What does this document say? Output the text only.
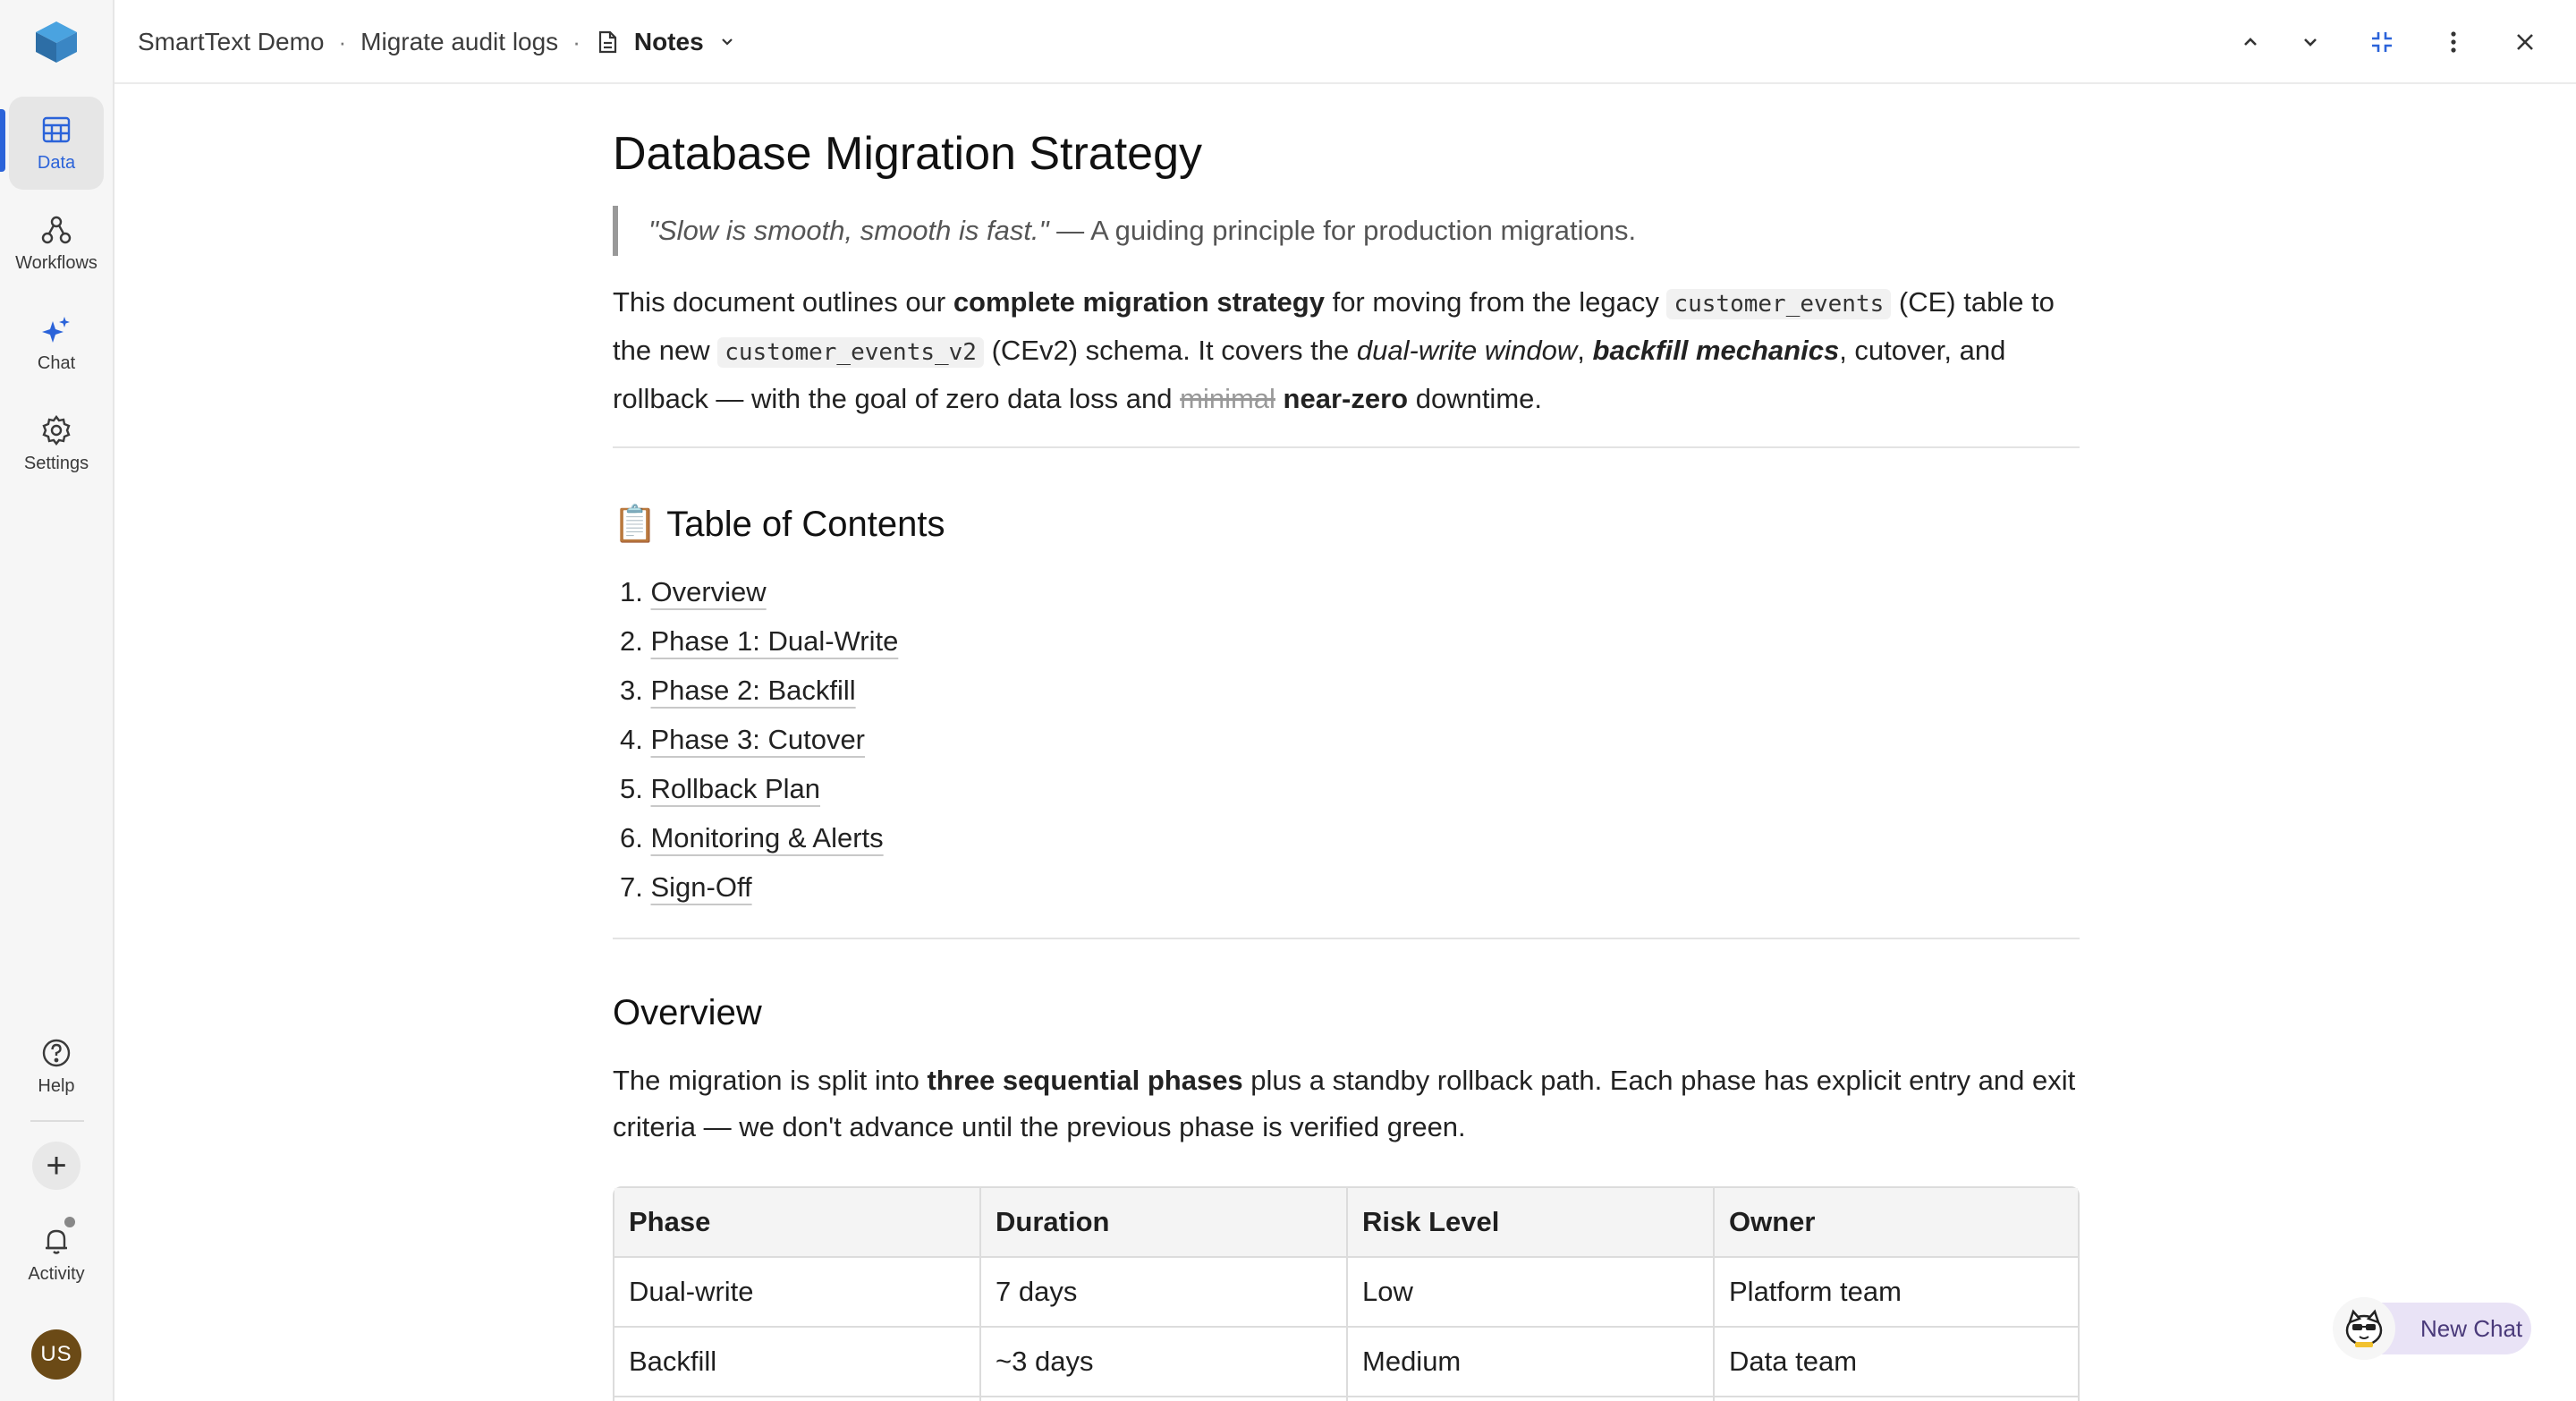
Data
Workflows
Chat
Settings
Help
+
Activity
US
SmartText Demo · Migrate audit logs · Notes
Database Migration Strategy
"Slow is smooth, smooth is fast." — A guiding principle for production migrations.

This document outlines our complete migration strategy for moving from the legacy customer_events (CE) table to the new customer_events_v2 (CEv2) schema. It covers the dual-write window, backfill mechanics, cutover, and rollback — with the goal of zero data loss and minimal near-zero downtime.

📋 Table of Contents
1. Overview
2. Phase 1: Dual-Write
3. Phase 2: Backfill
4. Phase 3: Cutover
5. Rollback Plan
6. Monitoring & Alerts
7. Sign-Off
Overview

The migration is split into three sequential phases plus a standby rollback path. Each phase has explicit entry and exit criteria — we don't advance until the previous phase is verified green.

Phase	Duration	Risk Level	Owner
Dual-write	7 days	Low	Platform team
Backfill	~3 days	Medium	Data team

New Chat
